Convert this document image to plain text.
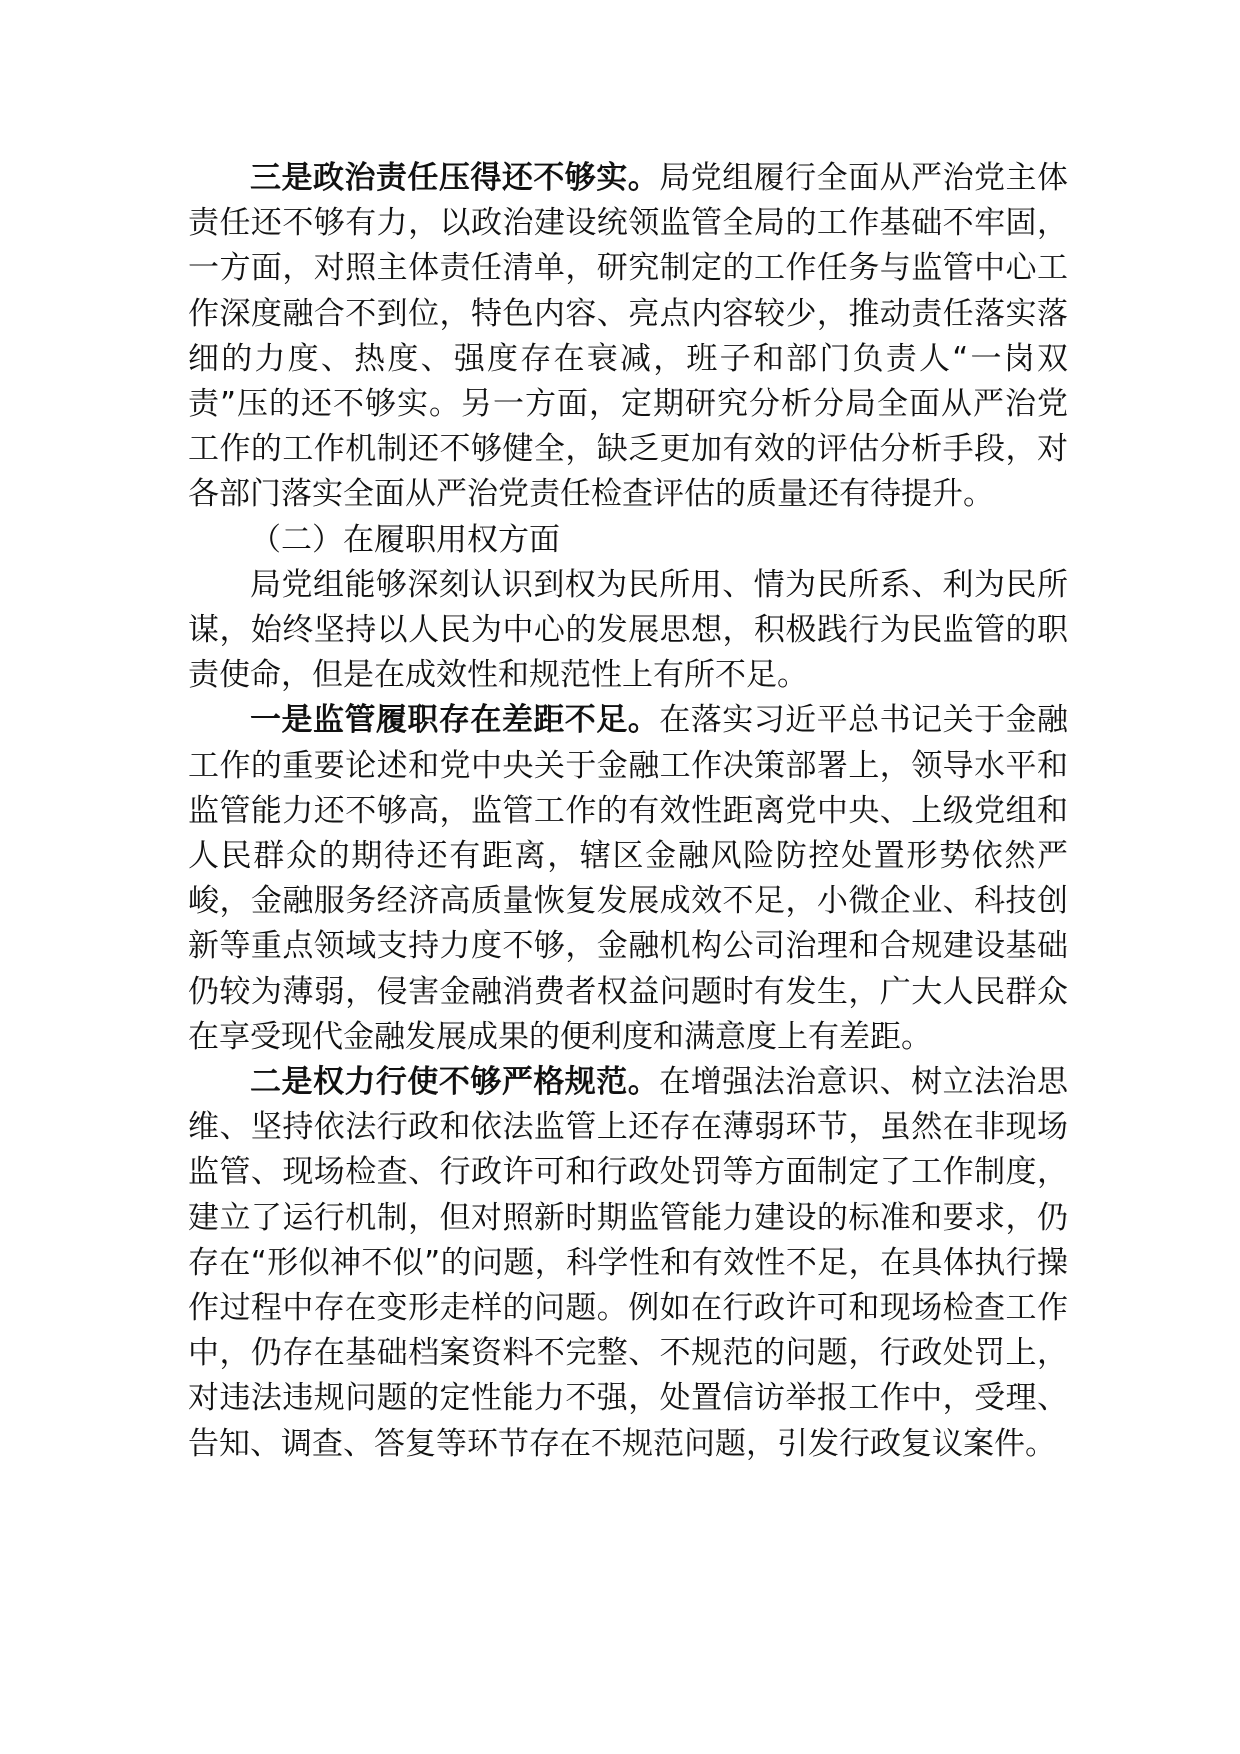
三是政治责任压得还不够实。局党组履行全面从严治党主体责任还不够有力，以政治建设统领监管全局的工作基础不牢固，一方面，对照主体责任清单，研究制定的工作任务与监管中心工作深度融合不到位，特色内容、亮点内容较少，推动责任落实落细的力度、热度、强度存在衰减，班子和部门负责人“一岗双责”压的还不够实。另一方面，定期研究分析分局全面从严治党工作的工作机制还不够健全，缺乏更加有效的评估分析手段，对各部门落实全面从严治党责任检查评估的质量还有待提升。

（二）在履职用权方面

局党组能够深刻认识到权为民所用、情为民所系、利为民所谋，始终坚持以人民为中心的发展思想，积极践行为民监管的职责使命，但是在成效性和规范性上有所不足。

一是监管履职存在差距不足。在落实习近平总书记关于金融工作的重要论述和党中央关于金融工作决策部署上，领导水平和监管能力还不够高，监管工作的有效性距离党中央、上级党组和人民群众的期待还有距离，辖区金融风险防控处置形势依然严峻，金融服务经济高质量恢复发展成效不足，小微企业、科技创新等重点领域支持力度不够，金融机构公司治理和合规建设基础仍较为薄弱，侵害金融消费者权益问题时有发生，广大人民群众在享受现代金融发展成果的便利度和满意度上有差距。

二是权力行使不够严格规范。在增强法治意识、树立法治思维、坚持依法行政和依法监管上还存在薄弱环节，虽然在非现场监管、现场检查、行政许可和行政处罚等方面制定了工作制度，建立了运行机制，但对照新时期监管能力建设的标准和要求，仍存在“形似神不似”的问题，科学性和有效性不足，在具体执行操作过程中存在变形走样的问题。例如在行政许可和现场检查工作中，仍存在基础档案资料不完整、不规范的问题，行政处罚上，对违法违规问题的定性能力不强，处置信访举报工作中，受理、告知、调查、答复等环节存在不规范问题，引发行政复议案件。
